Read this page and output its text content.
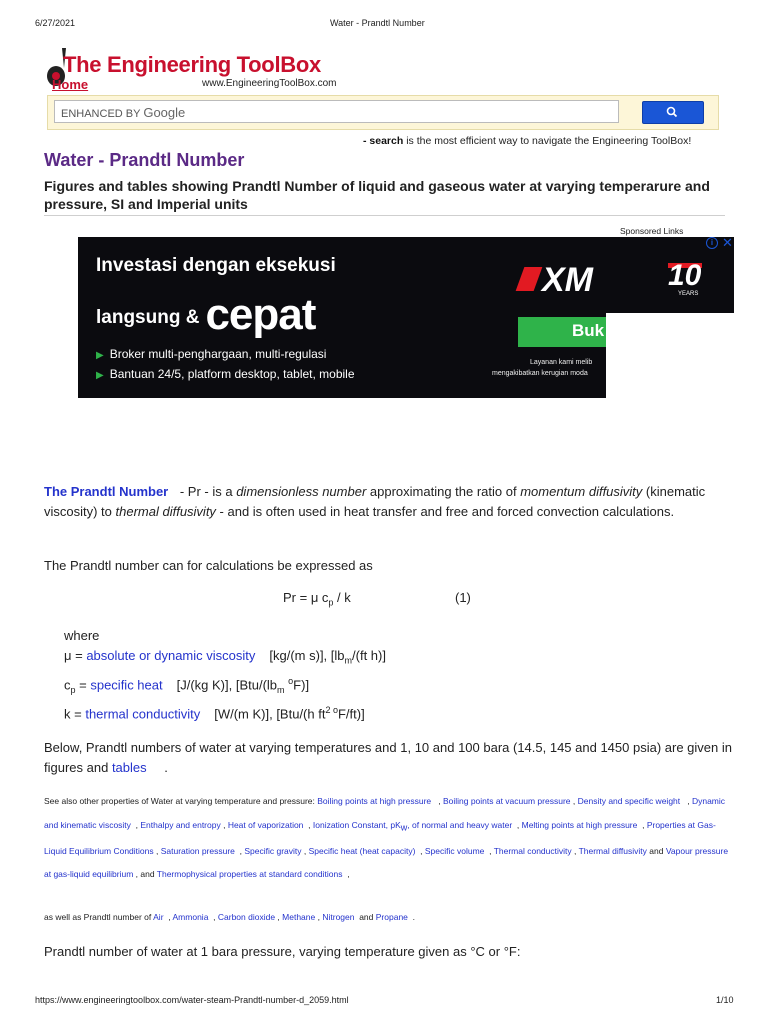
6/27/2021	Water - Prandtl Number
The Engineering ToolBox
Home	www.EngineeringToolBox.com
ENHANCED BY Google
- search is the most efficient way to navigate the Engineering ToolBox!
Water - Prandtl Number
Figures and tables showing Prandtl Number of liquid and gaseous water at varying temperarure and pressure, SI and Imperial units
Sponsored Links
Investasi dengan eksekusi
langsung & cepat
▶ Broker multi-penghargaan, multi-regulasi
▶ Bantuan 24/5, platform desktop, tablet, mobile
XM	10
YEARS
Buk
Layanan kami melib
mengakibatkan kerugian moda
i ✕
The Prandtl Number - Pr - is a dimensionless number approximating the ratio of momentum diffusivity (kinematic viscosity) to thermal diffusivity - and is often used in heat transfer and free and forced convection calculations.
The Prandtl number can for calculations be expressed as
Pr = μ $c_p$ / k	(1)
where
μ = absolute or dynamic viscosity [kg/(m s)], [$lb_m/(ft$ h)]
$c_p$ = specific heat [J/(kg K)], [$Btu/(lb_m$ $^o$F)]
k = thermal conductivity [W/(m K)], [Btu/(h $ft^{2 o}F/ft$)]
Below, Prandtl numbers of water at varying temperatures and 1, 10 and 100 bara (14.5, 145 and 1450 psia) are given in figures and tables .
See also other properties of Water at varying temperature and pressure: Boiling points at high pressure   , Boiling points at vacuum pressure , Density and specific weight   , Dynamic and kinematic viscosity  , Enthalpy and entropy , Heat of vaporization  , Ionization Constant, $pK_w$, of normal and heavy water  , Melting points at high pressure  , Properties at Gas-Liquid Equilibrium Conditions , Saturation pressure  , Specific gravity , Specific heat (heat capacity)  , Specific volume  , Thermal conductivity , Thermal diffusivity and Vapour pressure at gas-liquid equilibrium , and Thermophysical properties at standard conditions  ,
as well as Prandtl number of Air  , Ammonia  , Carbon dioxide , Methane , Nitrogen  and Propane  .
Prandtl number of water at 1 bara pressure, varying temperature given as °C or °F:
https://www.engineeringtoolbox.com/water-steam-Prandtl-number-d_2059.html	1/10
